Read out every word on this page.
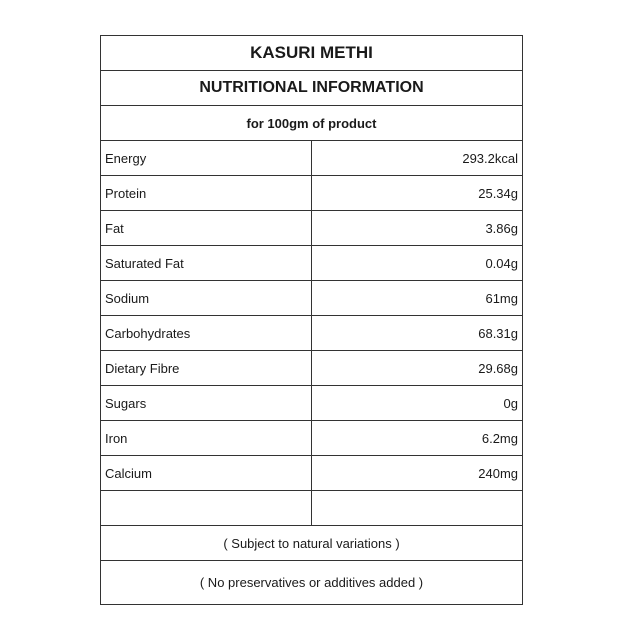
KASURI METHI
NUTRITIONAL INFORMATION
for 100gm of product
Energy	293.2kcal
Protein	25.34g
Fat	3.86g
Saturated Fat	0.04g
Sodium	61mg
Carbohydrates	68.31g
Dietary Fibre	29.68g
Sugars	0g
Iron	6.2mg
Calcium	240mg
( Subject to natural variations )
( No preservatives or additives added )
